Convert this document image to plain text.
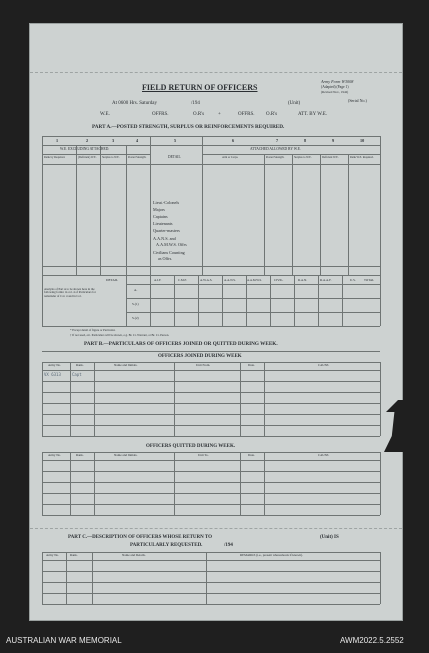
Army Form W3008
(Adapted) (Page 1)
(Revised Nov., 1942)
(Serial No.)
FIELD RETURN OF OFFICERS
At 0600 Hrs. Saturday	/194	(Unit)
W.E.	OFFRS.	O.R's	+	OFFRS. O.R's	ATT. BY W.E.
PART A.—POSTED STRENGTH, SURPLUS OR REINFORCEMENTS REQUIRED.
1	2	3	4	5	6	7	8	9	10
W.E. EXCLUDING ATTACHED.	ATTACHED ALLOWED BY W.E.
DETAIL
Rank by Required.	(Deficient) W.E. Surplus to W.E.	Posted Strength.	Arm or Corps.	Posted Strength.	Surplus to W.E.	Deficient W.E.	Rank W.E. Required.
Lieut.-Colonels
Majors
Captains
Lieutenants
Quarter-masters
A.A.N.S. and
A.A.M.W.S. Offrs
Civilians Counting
as Offrs.
DETAIL	A.I.F.	C.M.F.	A.W.A.S.	A.A.N.S.	A.A.M.W.S.	CIVIL.	R.A.N.	R.A.A.F.	U.S.	TOTAL
Analysis of Part A to be shown here in the following forms: in col. 4 of Particulars for remainder of Col. 4 and in Col.
A.
S.(1)
S.(2)
* Except detail of figure or Particular.
† If not used, etc. Particulars will be shown, e.g. Br. Cr. Warrant, or Br. Cr. Person.
PART B.—PARTICULARS OF OFFICERS JOINED OR QUITTED DURING WEEK.
OFFICERS JOINED DURING WEEK
Army No.	Rank.	Name and Initials.	Unit From.	Date.	CAUSE.
VX 6313	Capt
OFFICERS QUITTED DURING WEEK.
Army No.	Rank.	Name and Initials.	Unit To.	Date.	CAUSE.
PART C.—DESCRIPTION OF OFFICERS WHOSE RETURN TO	(Unit) IS
PARTICULARLY REQUESTED.	/194
Army No.	Rank.	Name and Details.	REMARKS (i.e., present whereabouts if known).
AUSTRALIAN WAR MEMORIAL	AWM2022.5.2552
